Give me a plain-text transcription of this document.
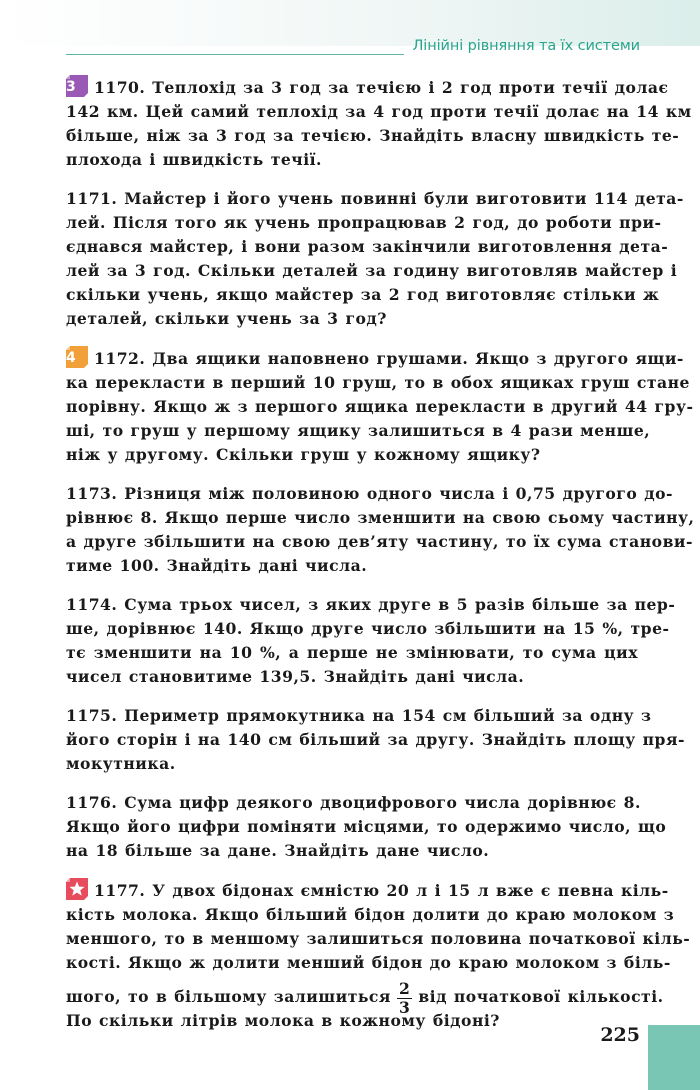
Лінійні рівняння та їх системи
3	1170. Теплохід за 3 год за течією і 2 год проти течії долає
142 км. Цей самий теплохід за 4 год проти течії долає на 14 км
більше, ніж за 3 год за течією. Знайдіть власну швидкість те-
плохода і швидкість течії.
1171. Майстер і його учень повинні були виготовити 114 дета-
лей. Після того як учень пропрацював 2 год, до роботи при-
єднався майстер, і вони разом закінчили виготовлення дета-
лей за 3 год. Скільки деталей за годину виготовляв майстер і
скільки учень, якщо майстер за 2 год виготовляє стільки ж
деталей, скільки учень за 3 год?
4	1172. Два ящики наповнено грушами. Якщо з другого ящи-
ка перекласти в перший 10 груш, то в обох ящиках груш стане
порівну. Якщо ж з першого ящика перекласти в другий 44 гру-
ші, то груш у першому ящику залишиться в 4 рази менше,
ніж у другому. Скільки груш у кожному ящику?
1173. Різниця між половиною одного числа і 0,75 другого до-
рівнює 8. Якщо перше число зменшити на свою сьому частину,
а друге збільшити на свою дев’яту частину, то їх сума станови-
тиме 100. Знайдіть дані числа.
1174. Сума трьох чисел, з яких друге в 5 разів більше за пер-
ше, дорівнює 140. Якщо друге число збільшити на 15 %, тре-
тє зменшити на 10 %, а перше не змінювати, то сума цих
чисел становитиме 139,5. Знайдіть дані числа.
1175. Периметр прямокутника на 154 см більший за одну з
його сторін і на 140 см більший за другу. Знайдіть площу пря-
мокутника.
1176. Сума цифр деякого двоцифрового числа дорівнює 8.
Якщо його цифри поміняти місцями, то одержимо число, що
на 18 більше за дане. Знайдіть дане число.
1177. У двох бідонах ємністю 20 л і 15 л вже є певна кіль-
кість молока. Якщо більший бідон долити до краю молоком з
меншого, то в меншому залишиться половина початкової кіль-
кості. Якщо ж долити менший бідон до краю молоком з біль-
шого, то в більшому залишиться $\frac{2}{3}$ від початкової кількості.
По скільки літрів молока в кожному бідоні?
225
